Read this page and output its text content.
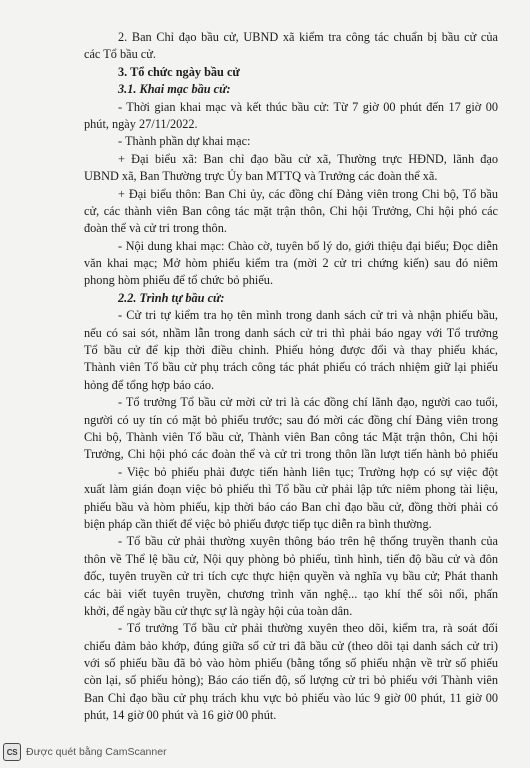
2. Ban Chỉ đạo bầu cử, UBND xã kiểm tra công tác chuẩn bị bầu cử của
các Tổ bầu cử.
3. Tổ chức ngày bầu cử
3.1. Khai mạc bầu cử:
- Thời gian khai mạc và kết thúc bầu cử: Từ 7 giờ 00 phút đến 17 giờ 00
phút, ngày 27/11/2022.
- Thành phần dự khai mạc:
+ Đại biểu xã: Ban chỉ đạo bầu cử xã, Thường trực HĐND, lãnh đạo
UBND xã, Ban Thường trực Ủy ban MTTQ và Trưởng các đoàn thể xã.
+ Đại biểu thôn: Ban Chi ủy, các đồng chí Đảng viên trong Chi bộ, Tổ bầu
cử, các thành viên Ban công tác mặt trận thôn, Chi hội Trưởng, Chi hội phó các
đoàn thể và cử tri trong thôn.
- Nội dung khai mạc: Chào cờ, tuyên bố lý do, giới thiệu đại biểu; Đọc diễn
văn khai mạc; Mở hòm phiếu kiểm tra (mời 2 cử tri chứng kiến) sau đó niêm
phong hòm phiếu để tổ chức bỏ phiếu.
2.2. Trình tự bầu cử:
- Cử tri tự kiểm tra họ tên mình trong danh sách cử tri và nhận phiếu bầu,
nếu có sai sót, nhầm lẫn trong danh sách cử tri thì phải báo ngay với Tổ trưởng
Tổ bầu cử để kịp thời điều chỉnh. Phiếu hỏng được đổi và thay phiếu khác,
Thành viên Tổ bầu cử phụ trách công tác phát phiếu có trách nhiệm giữ lại phiếu
hỏng để tổng hợp báo cáo.
- Tổ trưởng Tổ bầu cử mời cử tri là các đồng chí lãnh đạo, người cao tuổi,
người có uy tín có mặt bỏ phiếu trước; sau đó mời các đồng chí Đảng viên trong
Chi bộ, Thành viên Tổ bầu cử, Thành viên Ban công tác Mặt trận thôn, Chi hội
Trưởng, Chi hội phó các đoàn thể và cử tri trong thôn lần lượt tiến hành bỏ phiếu
- Việc bỏ phiếu phải được tiến hành liên tục; Trường hợp có sự việc đột
xuất làm gián đoạn việc bỏ phiếu thì Tổ bầu cử phải lập tức niêm phong tài liệu,
phiếu bầu và hòm phiếu, kịp thời báo cáo Ban chỉ đạo bầu cử, đồng thời phải có
biện pháp cần thiết để việc bỏ phiếu được tiếp tục diễn ra bình thường.
- Tổ bầu cử phải thường xuyên thông báo trên hệ thống truyền thanh của
thôn về Thể lệ bầu cử, Nội quy phòng bỏ phiếu, tình hình, tiến độ bầu cử và đôn
đốc, tuyên truyền cử tri tích cực thực hiện quyền và nghĩa vụ bầu cử; Phát thanh
các bài viết tuyên truyền, chương trình văn nghệ... tạo khí thế sôi nổi, phấn
khởi, để ngày bầu cử thực sự là ngày hội của toàn dân.
- Tổ trưởng Tổ bầu cử phải thường xuyên theo dõi, kiểm tra, rà soát đối
chiếu đảm bảo khớp, đúng giữa số cử tri đã bầu cử (theo dõi tại danh sách cử tri)
với số phiếu bầu đã bỏ vào hòm phiếu (bằng tổng số phiếu nhận về trừ số phiếu
còn lại, số phiếu hỏng); Báo cáo tiến độ, số lượng cử tri bỏ phiếu với Thành viên
Ban Chỉ đạo bầu cử phụ trách khu vực bỏ phiếu vào lúc 9 giờ 00 phút, 11 giờ 00
phút, 14 giờ 00 phút và 16 giờ 00 phút.
CS Được quét bằng CamScanner
